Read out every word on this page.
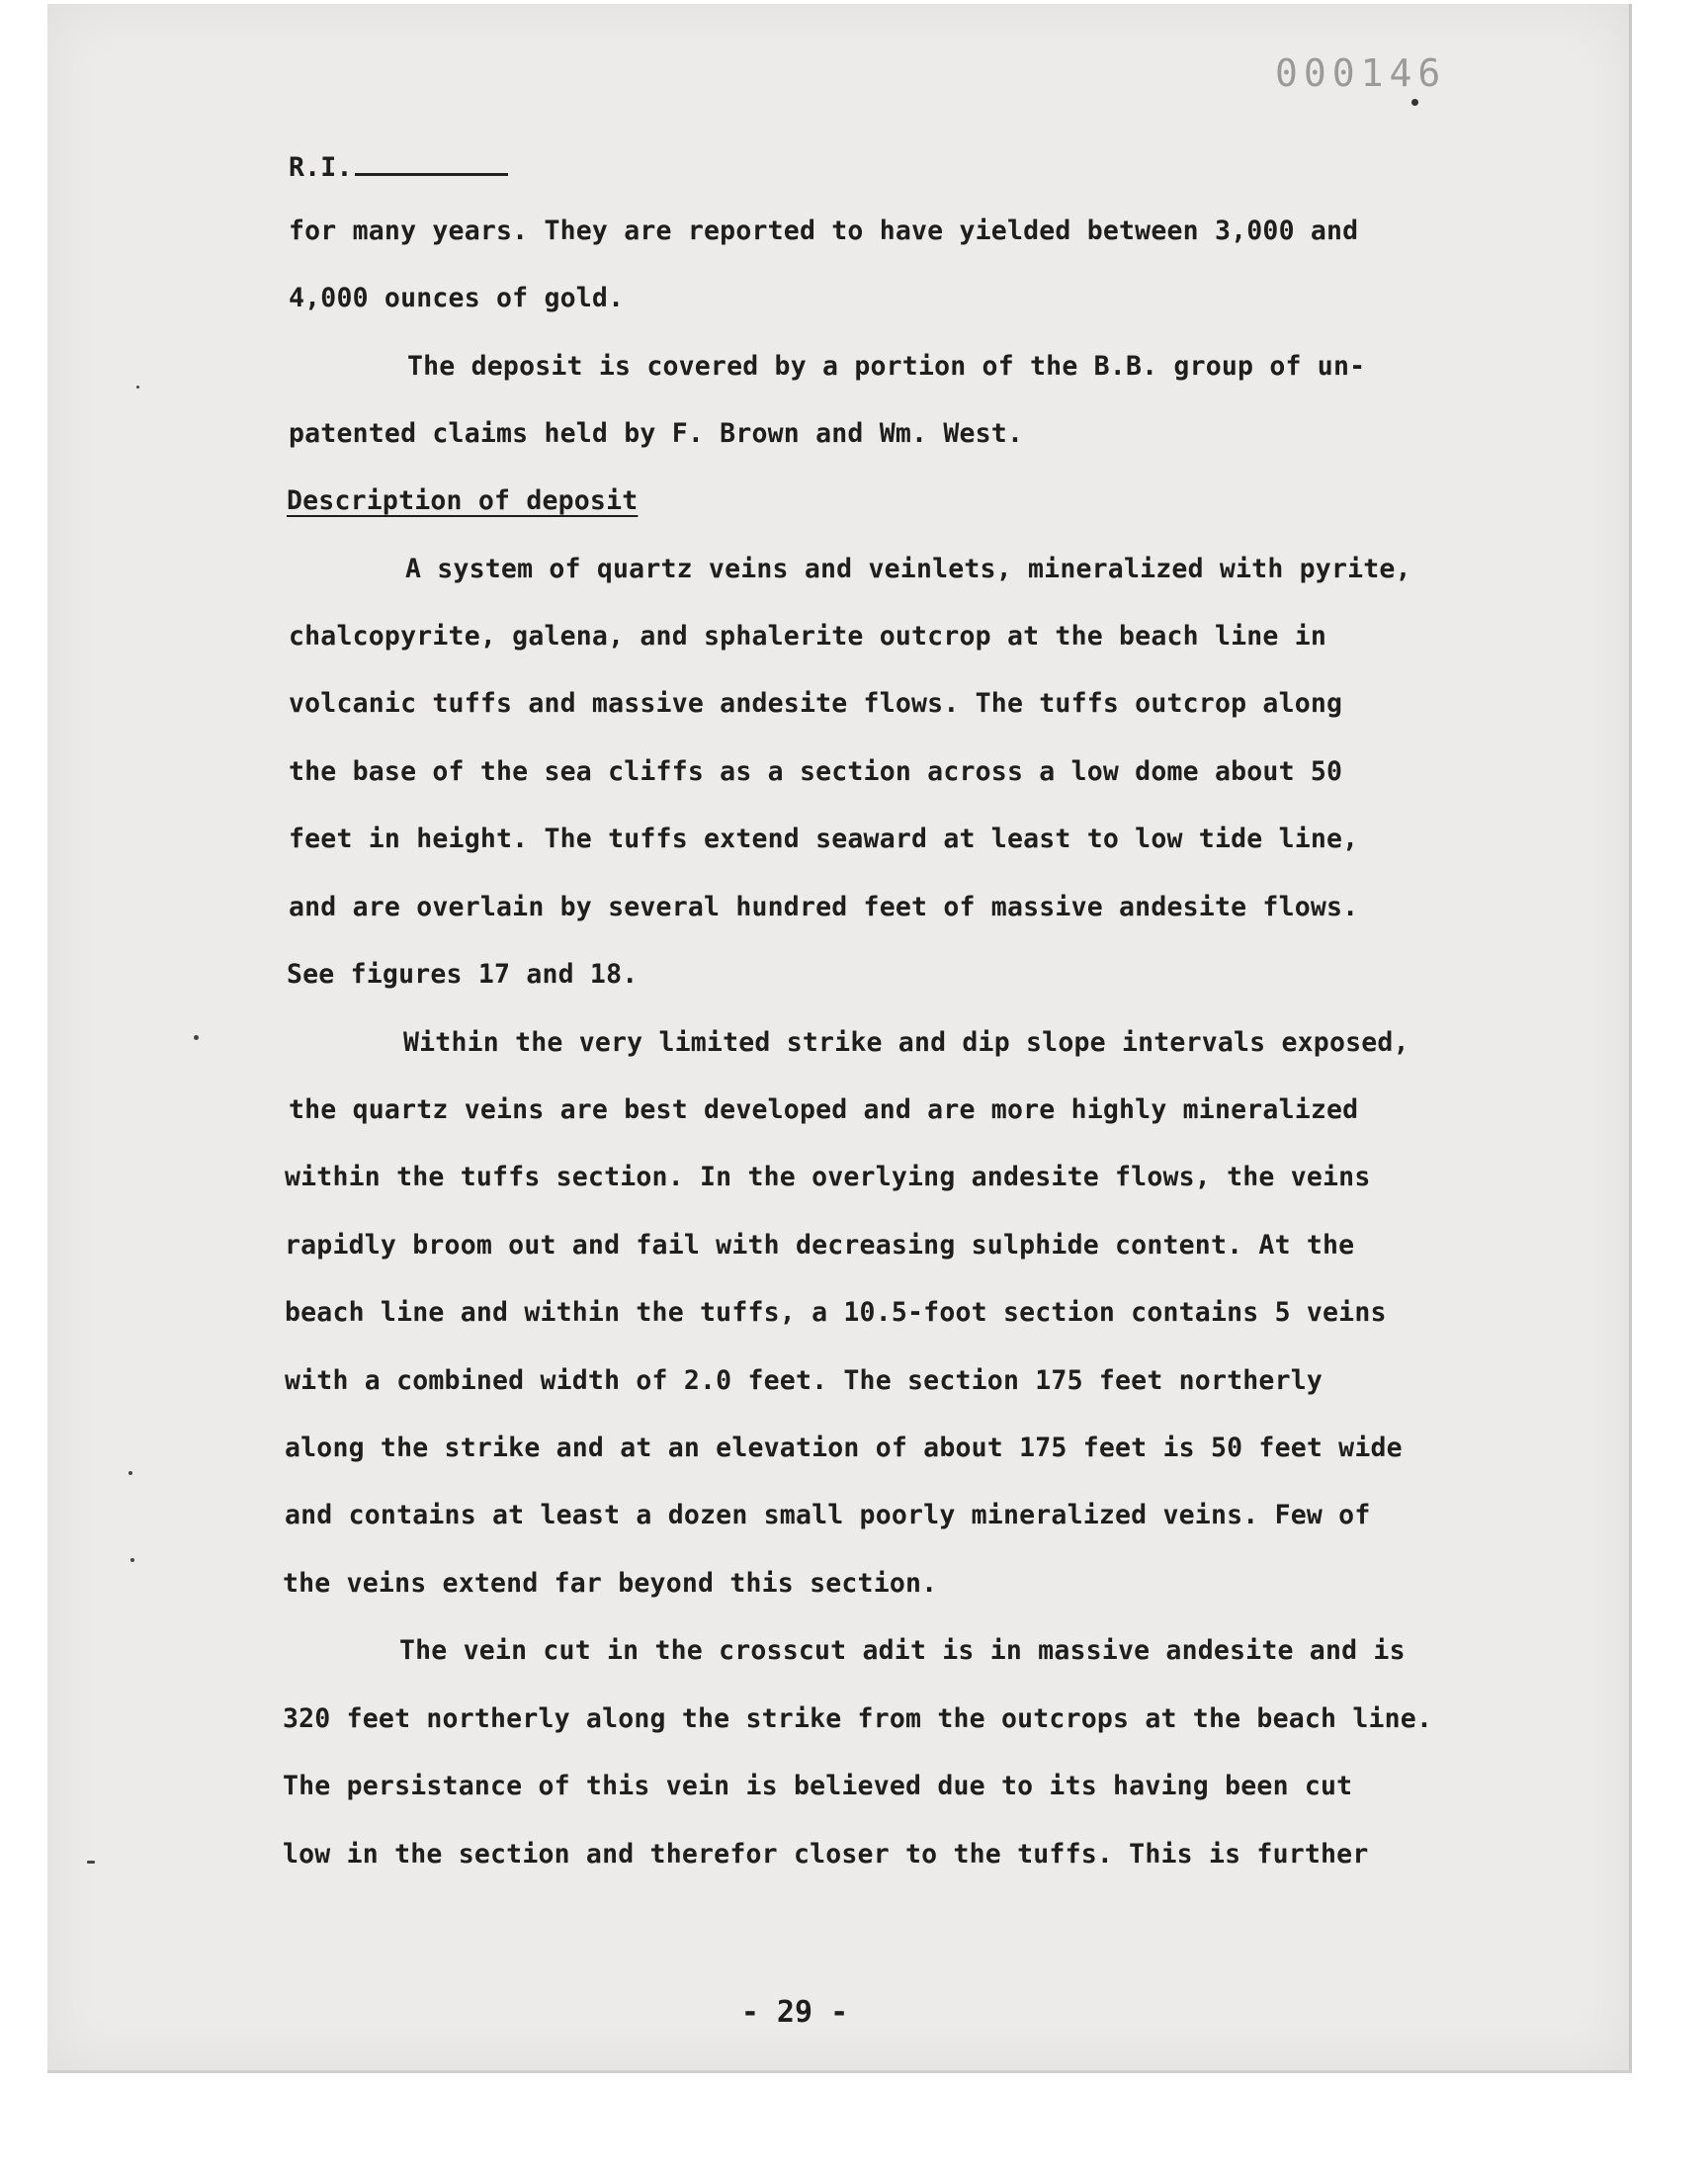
000146
R.I.
for many years. They are reported to have yielded between 3,000 and
4,000 ounces of gold.
The deposit is covered by a portion of the B.B. group of un-
patented claims held by F. Brown and Wm. West.
Description of deposit
A system of quartz veins and veinlets, mineralized with pyrite,
chalcopyrite, galena, and sphalerite outcrop at the beach line in
volcanic tuffs and massive andesite flows. The tuffs outcrop along
the base of the sea cliffs as a section across a low dome about 50
feet in height. The tuffs extend seaward at least to low tide line,
and are overlain by several hundred feet of massive andesite flows.
See figures 17 and 18.
Within the very limited strike and dip slope intervals exposed,
the quartz veins are best developed and are more highly mineralized
within the tuffs section. In the overlying andesite flows, the veins
rapidly broom out and fail with decreasing sulphide content. At the
beach line and within the tuffs, a 10.5-foot section contains 5 veins
with a combined width of 2.0 feet. The section 175 feet northerly
along the strike and at an elevation of about 175 feet is 50 feet wide
and contains at least a dozen small poorly mineralized veins. Few of
the veins extend far beyond this section.
The vein cut in the crosscut adit is in massive andesite and is
320 feet northerly along the strike from the outcrops at the beach line.
The persistance of this vein is believed due to its having been cut
low in the section and therefor closer to the tuffs. This is further
- 29 -
